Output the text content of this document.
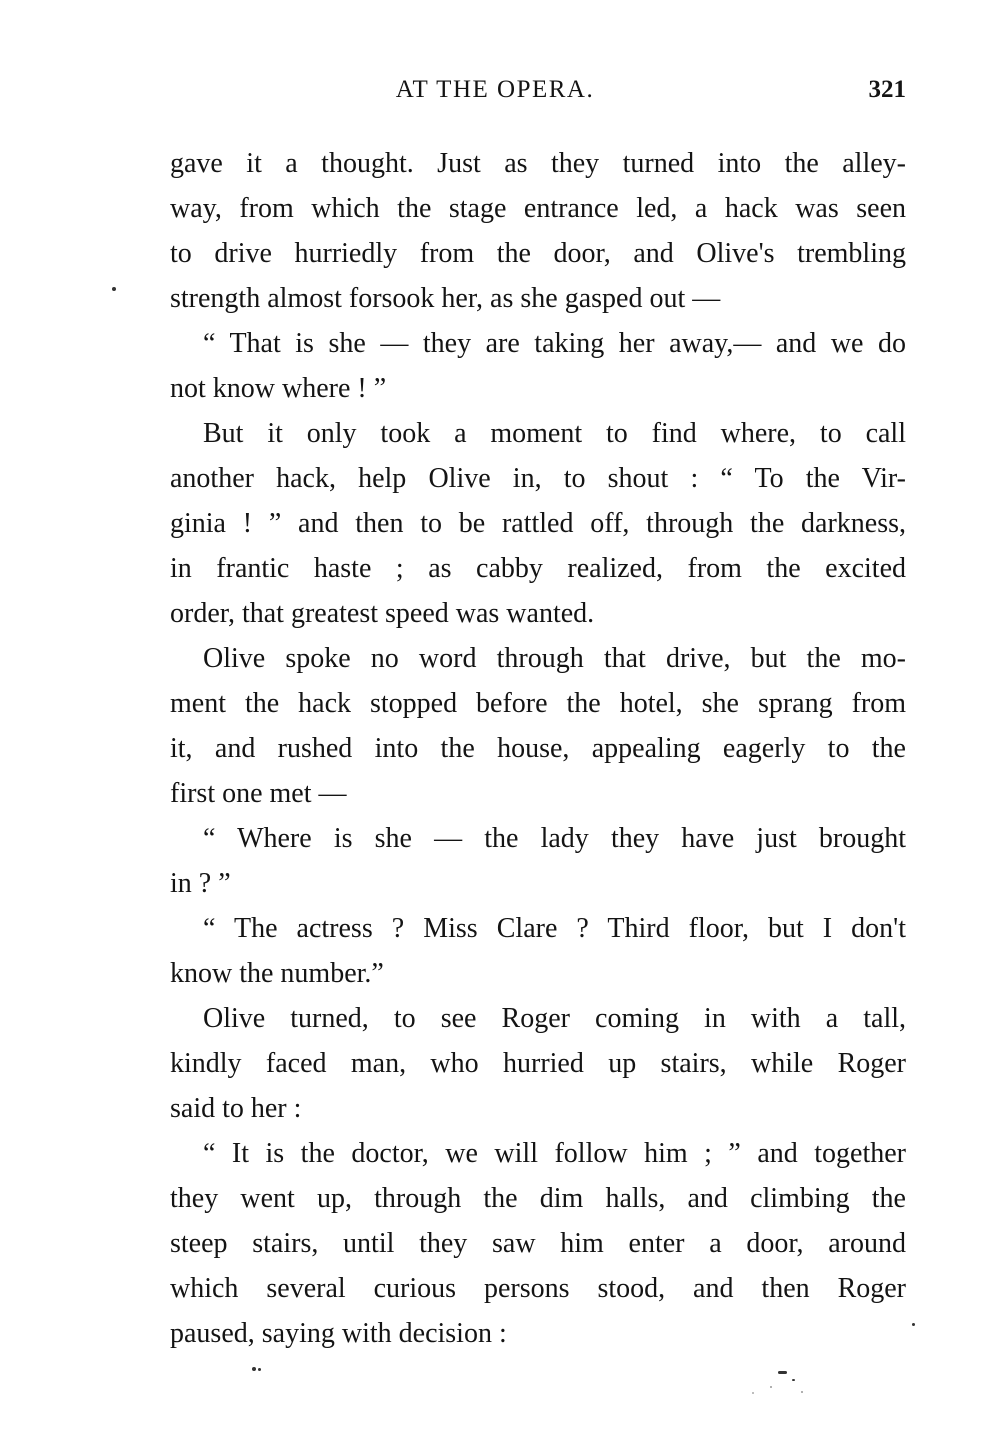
AT THE OPERA.	321
gave it a thought. Just as they turned into the alley-
way, from which the stage entrance led, a hack was seen
to drive hurriedly from the door, and Olive's trembling
strength almost forsook her, as she gasped out —
“ That is she — they are taking her away,— and we do
not know where ! ”
But it only took a moment to find where, to call
another hack, help Olive in, to shout : “ To the Vir-
ginia ! ” and then to be rattled off, through the darkness,
in frantic haste ; as cabby realized, from the excited
order, that greatest speed was wanted.
Olive spoke no word through that drive, but the mo-
ment the hack stopped before the hotel, she sprang from
it, and rushed into the house, appealing eagerly to the
first one met —
“ Where is she — the lady they have just brought
in ? ”
“ The actress ? Miss Clare ? Third floor, but I don't
know the number.”
Olive turned, to see Roger coming in with a tall,
kindly faced man, who hurried up stairs, while Roger
said to her :
“ It is the doctor, we will follow him ; ” and together
they went up, through the dim halls, and climbing the
steep stairs, until they saw him enter a door, around
which several curious persons stood, and then Roger
paused, saying with decision :
